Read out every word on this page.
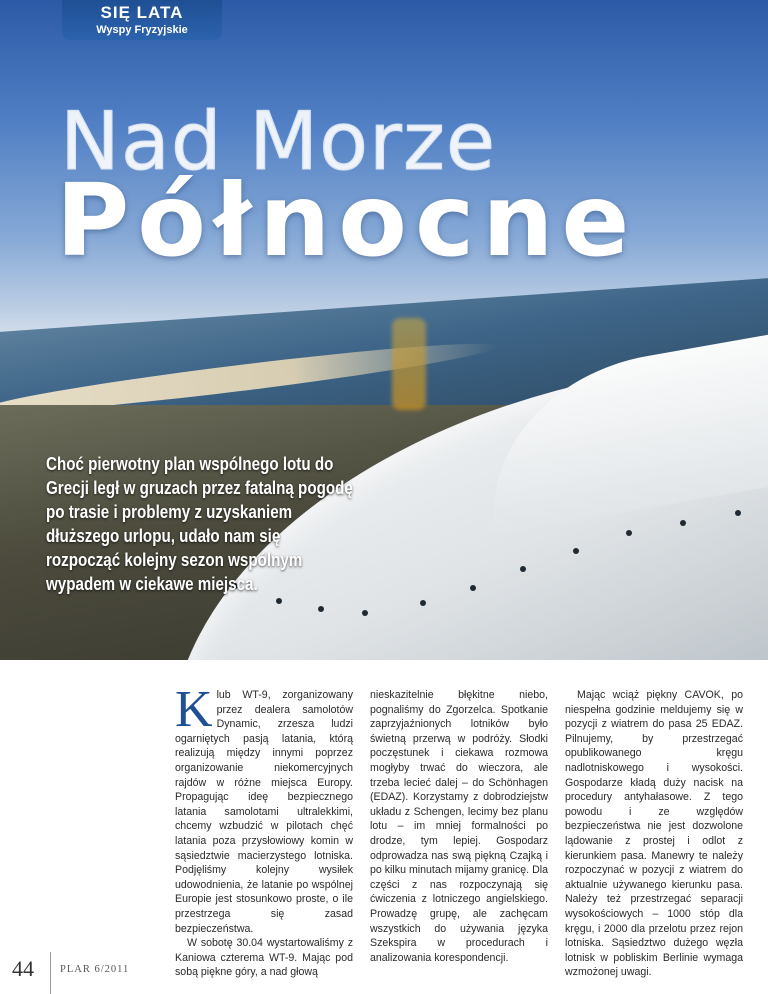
SIĘ LATA
Wyspy Fryzyjskie
Nad Morze
Północne
Choć pierwotny plan wspólnego lotu do Grecji legł w gruzach przez fatalną pogodę po trasie i problemy z uzyskaniem dłuższego urlopu, udało nam się rozpocząć kolejny sezon wspólnym wypadem w ciekawe miejsca.
K lub WT-9, zorganizowany przez dealera samolotów Dynamic, zrzesza ludzi ogarniętych pasją latania, którą realizują między innymi poprzez organizowanie niekomercyjnych rajdów w różne miejsca Europy. Propagując ideę bezpiecznego latania samolotami ultralekkimi, chcemy wzbudzić w pilotach chęć latania poza przysłowiowy komin w sąsiedztwie macierzystego lotniska. Podjęliśmy kolejny wysiłek udowodnienia, że latanie po wspólnej Europie jest stosunkowo proste, o ile przestrzega się zasad bezpieczeństwa.

W sobotę 30.04 wystartowaliśmy z Kaniowa czterema WT-9. Mając pod sobą piękne góry, a nad głową

nieskazitelnie błękitne niebo, pognaliśmy do Zgorzelca. Spotkanie zaprzyjaźnionych lotników było świetną przerwą w podróży. Słodki poczęstunek i ciekawa rozmowa mogłyby trwać do wieczora, ale trzeba lecieć dalej – do Schönhagen (EDAZ). Korzystamy z dobrodziejstw układu z Schengen, lecimy bez planu lotu – im mniej formalności po drodze, tym lepiej. Gospodarz odprowadza nas swą piękną Czajką i po kilku minutach mijamy granicę. Dla części z nas rozpoczynają się ćwiczenia z lotniczego angielskiego. Prowadzę grupę, ale zachęcam wszystkich do używania języka Szekspira w procedurach i analizowania korespondencji.

Mając wciąż piękny CAVOK, po niespełna godzinie meldujemy się w pozycji z wiatrem do pasa 25 EDAZ. Pilnujemy, by przestrzegać opublikowanego kręgu nadlotniskowego i wysokości. Gospodarze kładą duży nacisk na procedury antyhałasowe. Z tego powodu i ze względów bezpieczeństwa nie jest dozwolone lądowanie z prostej i odlot z kierunkiem pasa. Manewry te należy rozpoczynać w pozycji z wiatrem do aktualnie używanego kierunku pasa. Należy też przestrzegać separacji wysokościowych – 1000 stóp dla kręgu, i 2000 dla przelotu przez rejon lotniska. Sąsiedztwo dużego węzła lotnisk w pobliskim Berlinie wymaga wzmożonej uwagi.

44 PLAR 6/2011
